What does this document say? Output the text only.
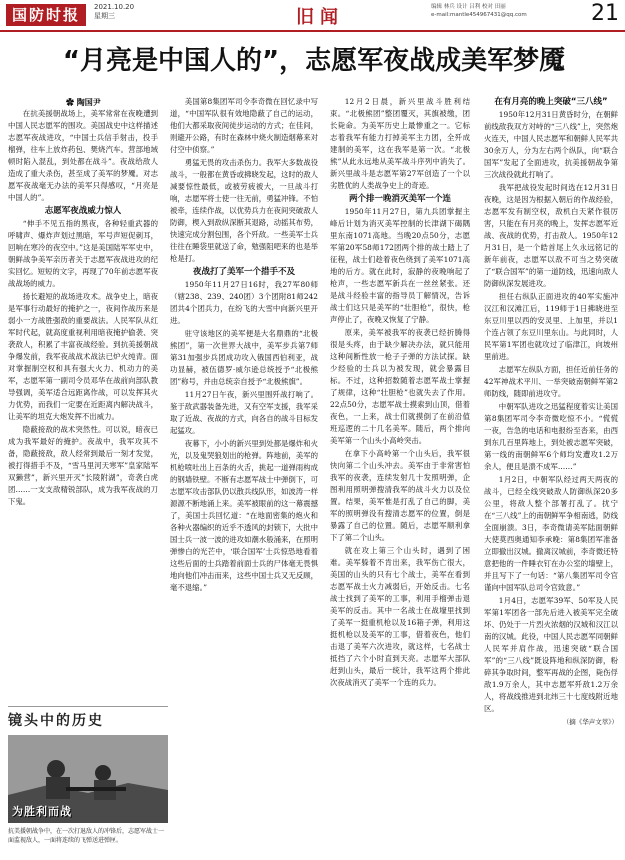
国防时报	2021.10.20
星期三	旧闻	编辑 林兵 设计 吕利 校对 田丽
e-mail:mantle454967431@qq.com	21
“月亮是中国人的”，志愿军夜战成美军梦魇
✿ 陶国尹

在抗美援朝战场上，美军常常在夜晚遭到中国人民志愿军的围攻。美国战史中这样描述志愿军夜战进攻，“中国士兵信手射击，投手榴弹，往车上放炸药包、樊烧汽车。营部地域顿时陷入混乱，到处都在战斗”。夜战给敌人造成了重大杀伤，甚至成了美军的梦魇。对志愿军夜战毫无办法的美军只得感叹，“月亮是中国人的”。

志愿军夜战威力惊人

“伸手不见五指的黑夜，各种轻重武器的呼啸声、爆炸声划过黑暗，军号声短促刺耳，回响在寒冷的夜空中。”这是美国陆军军史中，朝鲜战争美军亲历者关于志愿军夜战进攻的纪实回忆。短短的文字，再现了70年前志愿军夜战战场的威力。

扬长避短的战场进攻术。战争史上，暗夜是军事行动最好的掩护之一，夜间作战历来是弱小一方战胜强敌的重要战法。人民军队从红军时代起，就高度重视利用暗夜掩护偷袭、突袭敌人，积累了丰富夜战经验。到抗美援朝战争爆发前，我军夜战战术战法已炉火纯青。面对掌握制空权和具有强大火力、机动力的美军，志愿军第一副司令员邓华在战前向部队教导强调，美军适合远距离作战，可以发挥其火力优势，而我们一定要在近距离内解决战斗，让美军的坦克大炮发挥不出威力。

隐蔽接敌的战术突然性。可以说，暗夜已成为我军最好的掩护。夜战中，我军攻其不备，隐蔽接敌，敌人经常到最后一刻才发觉，被打得措手不及，“雪马里河天寒军”皇家陆军双獭营”，新兴里开灭”长陵附湖”，奇袭白虎团……一支支敌精锐部队，成为我军夜战的刀下鬼。

镜头中的历史
为胜利而战
抗美援朝战争中，在一次打退敌人的冲锋后，志愿军战士一面监视敌人，一面将连续的飞弹送进弹匣。

美国第8集团军司令李奇微在回忆录中写道，“中国军队很有效地隐蔽了自己的运动，他们大都采取夜间徒步运动的方式；在佳间，则避开公路，有时在森林中烧火制造烟幕来对付空中侦察。”

勇猛无畏的攻击杀伤力。我军大多数战役战斗，一般都在黄昏或拂晓发起，这时的敌人减要惊性最低，或被劳疲被大，一旦战斗打响，志愿军将士使一往无前，勇猛冲锋。不怕被牵，连续作战，以优势兵力在夜间突破敌人防御，楔入到敌纵深断其退路，动摇其布势，快速完成分割包围，各个歼敌。一些美军士兵往往在睡袋里就送了命，勉强阻吧来的也是举枪是打。

夜战打了美军一个措手不及

1950年11月27日16时，我27军80师（辖238、239、240团）3个团附81师242团共4个团兵力，在纷飞的大雪中向新兴里开进。

驻守该地区的美军便是大名鼎鼎的“北极熊团”，第一次世界大战中，美军步兵第7师第31加强步兵团成功攻入俄国西伯利亚，战功显赫，被伍德罗·威尔逊总统授予“北极熊团”称号，并由总统亲自授予“北极熊旗”。

11月27日午夜，新兴里围歼战打响了。鉴于敌武器装备先进，又有空军支援，我军采取了近战、夜战的方式，向各自的战斗目标发起猛攻。

夜幕下，小小的新兴里到处都是爆炸和火光，以及鬼哭狼划出的枪弹。阵地前，美军的机枪喷吐出上百条的火舌，挑起一道弹雨构成的钢墙铁壁。不断有志愿军战士中弹倒下，可志愿军攻击部队仍以散兵线队形，如波涛一样源源不断地涌上来。美军被眼前的这一幕震撼了，美国士兵回忆道：“在地面密集的炮火和各种火器编织的近乎不透风的封锁下，大批中国士兵一波一波的进攻如潮水般涌来，在照明弹惨白的光芒中，‘联合国军’士兵惊恐地看着这些后面的士兵踏着前面士兵的尸体毫无畏惧地向他们冲击而来，这些中国士兵又无反顾，毫不退缩。”

12月2日晨，新兴里战斗胜利结束。“北极熊团”整团覆灭，其旗被缴，团长毙命。为美军历史上最惨重之一。它标志着我军有能力打掉美军主力团，全歼成建制的美军，这在我军是第一次。“北极熊”从此永远地从美军战斗序列中消失了。新兴里战斗是志愿军第27军创造了一个以劣胜优的人类战争史上的奇迹。

两个排一晚消灭美军一个连

1950年11月27日，第九兵团掌握主峰后计划为消灭美军控制的长津湖下碣隅里东南1071高地。当晚20点50分，志愿军第20军58师172团两个排的战士踏上了征程，战士们趁着夜色绕到了美军1071高地的后方。就在此时，寂静的夜晚响起了枪声，一些志愿军新兵在一丝丝紧张。还是战斗经验丰富的指导员丁解情况，告诉战士们这只是美军的“壮胆枪”，很快，枪声停止了，夜晚又恢复了宁静。

原来，美军被我军的夜袭已经折腾得很是头疼，由于缺少解决办法，就只能用这种间断性放一枪子子弹的方法试探。缺少经验的士兵以为被发现，就会暴露目标。不过，这种招数随着志愿军战士掌握了规律，这种“壮胆枪”也就失去了作用。22点50分，志愿军战士摸索到山顶，借着夜色，一上来，战士们就摸倒了在前沿值班巡逻的二十几名美军。随后，两个排向美军第一个山头小高岭突击。

在拿下小高岭第一个山头后，我军很快向第二个山头冲去。美军由于非常害怕我军的夜袭，连续发射几十发照明弹，企图利用照明弹搜清我军的战斗火力以及位置。结果，美军惟是打乱了自己的脚，美军的照明弹没有搜清志愿军的位置，倒是暴露了自己的位置。随后，志愿军顺利拿下了第二个山头。

就在攻上第三个山头时，遇到了困难。美军躲着不肯出来，我军伤亡很大，美国的山头的只有七个战士，美军在看到志愿军战士火力减弱后，开始反击。七名战士找到了美军的工事，利用手榴弹击退美军的反击。其中一名战士在战壕里找到了美军一挺重机枪以及16箱子弹，利用这挺机枪以及美军的工事，借着夜色，他们击退了美军六次进攻，就这样，七名战士抵挡了六个小时直到天亮。志愿军大部队赶到山头，最后一统计，我军这两个排此次夜战消灭了美军一个连的兵力。

在有月亮的晚上突破“三八线”

1950年12月31日黄昏时分，在朝鲜前线敌我双方对峙的“三八线”上，突然炮火连天，中国人民志愿军和朝鲜人民军共30余万人，分为左右两个纵队，向“联合国军”发起了全面进攻，抗美援朝战争第三次战役就此打响了。

我军把战役发起时间选在12月31日夜晚，这是因为根据入朝后的作战经验，志愿军发有制空权，敌机白天紧作很厉害，只能在有月亮的晚上，发挥志愿军近战、夜战的优势，打击敌人。1950年12月31日，是一个皓首尾上久永远铭记的新年前夜，志愿军以敌不可当之势突破了“联合国军”的第一道防线，迅速向敌人防御纵深发展进攻。

担任右纵队正面进攻的40军实施冲汉江和汉滩江后，119师于1日拂晓进至东豆川里以西的安灵里、上加里，并以1个连占领了东豆川里东山。与此同时，人民军第1军团也就攻过了临津江，向坡州里前进。

志愿军左纵队方面，担任近前任务的42军神战术平川、一举突破南朝鲜军第2师防线，随即前进攻守。

中朝军队进攻之迅猛程度着实让美国第8集团军司令李奇微吃惊不小。“慌慌一夜，告急的电话和电报纷至沓来，由西到东几百里阵地上，到处被志愿军突破，第一线的南朝鲜军6个师均发遭攻1.2万余人，便且是溃不成军……”

1月2日，中朝军队经过两天两夜的战斗，已经全线突破敌人防御纵深20多公里，将敌人整个部署打乱了。扰宁在“三八线”上的南朝鲜军争相南逃，防线全面崩溃。3日，李奇微请美军陆面朝鲜大使莫西奥通知李承晚：第8集团军准备立即撤出汉城。撤离汉城前，李奇微还特意把他的一件睡衣钉在办公室的墙壁上，并且写下了一句话：“第八集团军司令官谨向中国军队总司令官致意。”

1月4日，志愿军39军、50军及人民军第1军团各一部先后进入被美军完全破坏、仍处于一片烈火浓烟的汉城和汉江以南的汉城。此役，中国人民志愿军同朝鲜人民军并肩作战，迅速突破“联合国军”的“三八线”既设阵地和纵深防御，粉碎其争取时间，整军再战的企图，毙伤俘敌1.9万余人，其中志愿军歼敌1.2万余人，将战线推进到北纬三十七度线附近地区。

（摘《华声文萃》）
